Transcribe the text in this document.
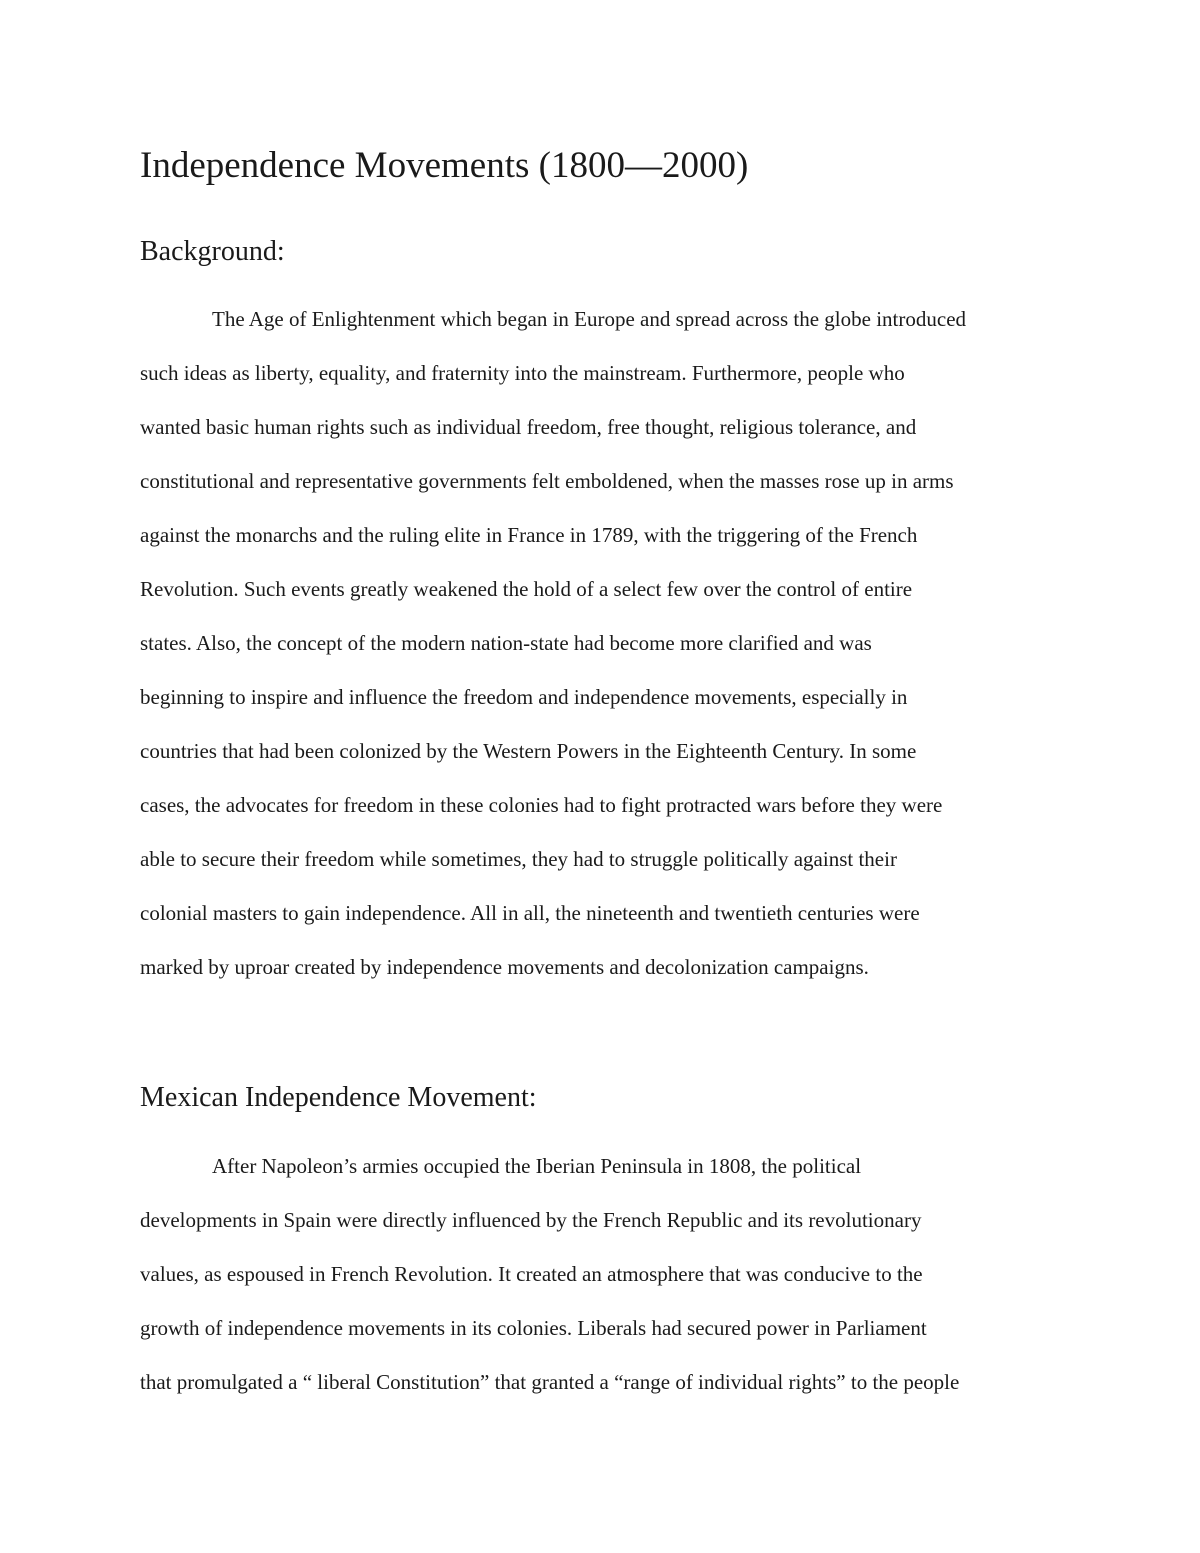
Independence Movements (1800—2000)
Background:

The Age of Enlightenment which began in Europe and spread across the globe introduced

such ideas as liberty, equality, and fraternity into the mainstream. Furthermore, people who

wanted basic human rights such as individual freedom, free thought, religious tolerance, and

constitutional and representative governments felt emboldened, when the masses rose up in arms

against the monarchs and the ruling elite in France in 1789, with the triggering of the French

Revolution. Such events greatly weakened the hold of a select few over the control of entire

states. Also, the concept of the modern nation-state had become more clarified and was

beginning to inspire and influence the freedom and independence movements, especially in

countries that had been colonized by the Western Powers in the Eighteenth Century. In some

cases, the advocates for freedom in these colonies had to fight protracted wars before they were

able to secure their freedom while sometimes, they had to struggle politically against their

colonial masters to gain independence. All in all, the nineteenth and twentieth centuries were

marked by uproar created by independence movements and decolonization campaigns.

Mexican Independence Movement:

After Napoleon’s armies occupied the Iberian Peninsula in 1808, the political

developments in Spain were directly influenced by the French Republic and its revolutionary

values, as espoused in French Revolution. It created an atmosphere that was conducive to the

growth of independence movements in its colonies. Liberals had secured power in Parliament

that promulgated a “ liberal Constitution” that granted a “range of individual rights” to the people
